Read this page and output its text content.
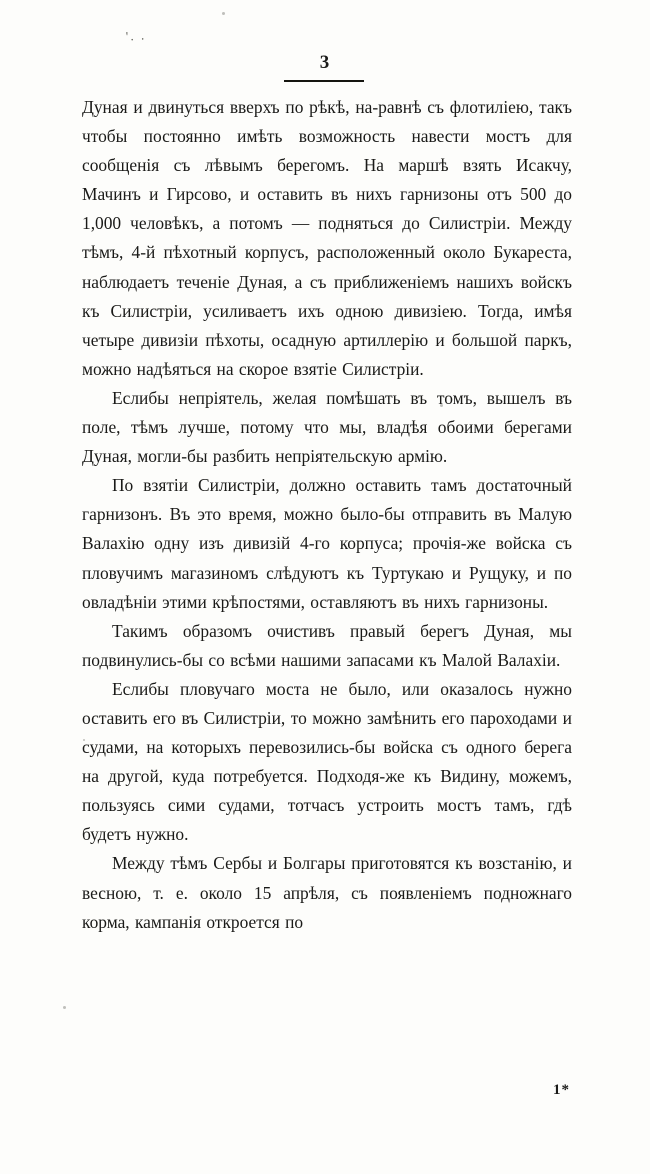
'. .
3

Дуная и двинуться вверхъ по рѣкѣ, на-равнѣ съ флотилiею, такъ чтобы постоянно имѣть возможность навести мостъ для сообщенiя съ лѣвымъ берегомъ. На маршѣ взять Исакчу, Мачинъ и Гирсово, и оставить въ нихъ гарнизоны отъ 500 до 1,000 человѣкъ, а потомъ — подняться до Силистрiи. Между тѣмъ, 4-й пѣхотный корпусъ, расположенный около Букареста, наблюдаетъ теченiе Дуная, а съ приближенiемъ нашихъ войскъ къ Силистрiи, усиливаетъ ихъ одною дивизiею. Тогда, имѣя четыре дивизiи пѣхоты, осадную артиллерiю и большой паркъ, можно надѣяться на скорое взятiе Силистрiи.

Еслибы непрiятель, желая помѣшать въ томъ, вышелъ въ поле, тѣмъ лучше, потому что мы, владѣя обоими берегами Дуная, могли-бы разбить непрiятельскую армiю.

По взятiи Силистрiи, должно оставить тамъ достаточный гарнизонъ. Въ это время, можно было-бы отправить въ Малую Валахiю одну изъ дивизiй 4-го корпуса; прочiя-же войска съ пловучимъ магазиномъ слѣдуютъ къ Туртукаю и Рущуку, и по овладѣнiи этими крѣпостями, оставляютъ въ нихъ гарнизоны.

Такимъ образомъ очистивъ правый берегъ Дуная, мы подвинулись-бы со всѣми нашими запасами къ Малой Валахiи.

Еслибы пловучаго моста не было, или оказалось нужно оставить его въ Силистрiи, то можно замѣнить его пароходами и судами, на которыхъ перевозились-бы войска съ одного берега на другой, куда потребуется. Подходя-же къ Видину, можемъ, пользуясь сими судами, тотчасъ устроить мостъ тамъ, гдѣ будетъ нужно.

Между тѣмъ Сербы и Болгары приготовятся къ возстанiю, и весною, т. е. около 15 апрѣля, съ появленiемъ подножнаго корма, кампанiя откроется по

1*
